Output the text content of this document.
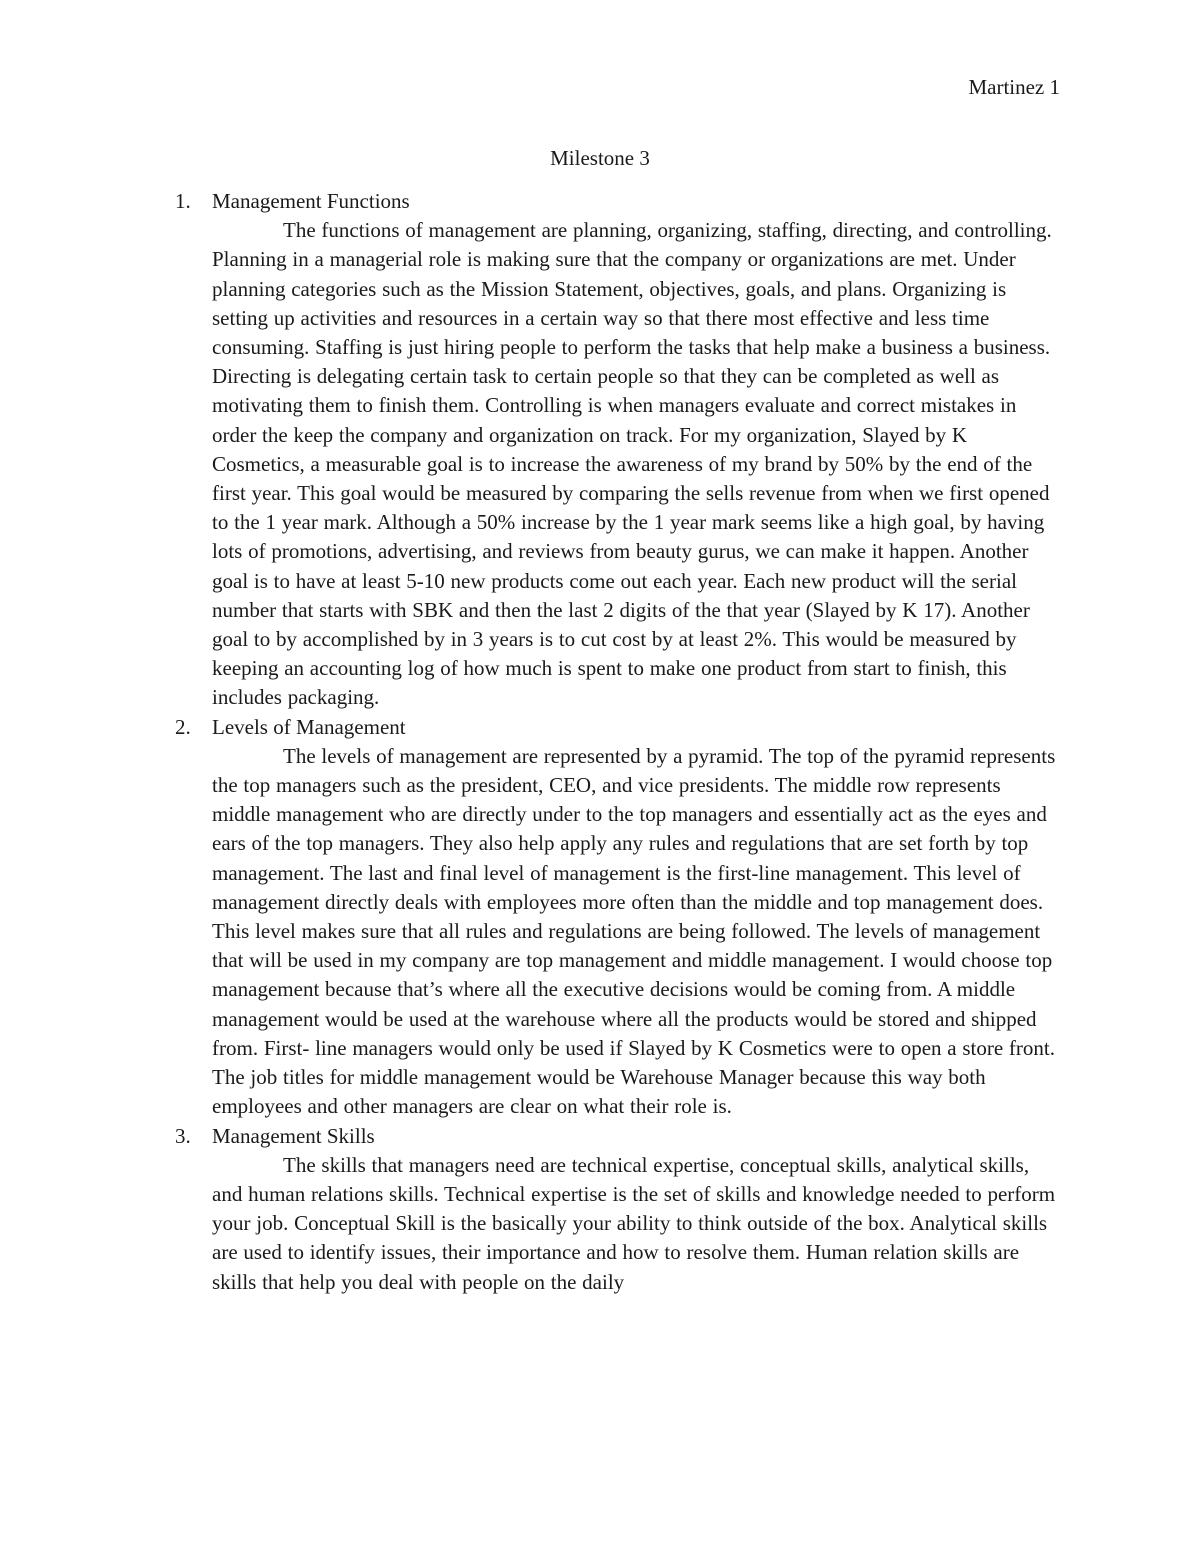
Martinez 1
Milestone 3
1. Management Functions

The functions of management are planning, organizing, staffing, directing, and controlling. Planning in a managerial role is making sure that the company or organizations are met. Under planning categories such as the Mission Statement, objectives, goals, and plans. Organizing is setting up activities and resources in a certain way so that there most effective and less time consuming. Staffing is just hiring people to perform the tasks that help make a business a business. Directing is delegating certain task to certain people so that they can be completed as well as motivating them to finish them. Controlling is when managers evaluate and correct mistakes in order the keep the company and organization on track. For my organization, Slayed by K Cosmetics, a measurable goal is to increase the awareness of my brand by 50% by the end of the first year. This goal would be measured by comparing the sells revenue from when we first opened to the 1 year mark. Although a 50% increase by the 1 year mark seems like a high goal, by having lots of promotions, advertising, and reviews from beauty gurus, we can make it happen. Another goal is to have at least 5-10 new products come out each year. Each new product will the serial number that starts with SBK and then the last 2 digits of the that year (Slayed by K 17). Another goal to by accomplished by in 3 years is to cut cost by at least 2%. This would be measured by keeping an accounting log of how much is spent to make one product from start to finish, this includes packaging.

2. Levels of Management

The levels of management are represented by a pyramid. The top of the pyramid represents the top managers such as the president, CEO, and vice presidents. The middle row represents middle management who are directly under to the top managers and essentially act as the eyes and ears of the top managers. They also help apply any rules and regulations that are set forth by top management. The last and final level of management is the first-line management. This level of management directly deals with employees more often than the middle and top management does. This level makes sure that all rules and regulations are being followed. The levels of management that will be used in my company are top management and middle management. I would choose top management because that’s where all the executive decisions would be coming from. A middle management would be used at the warehouse where all the products would be stored and shipped from. First- line managers would only be used if Slayed by K Cosmetics were to open a store front. The job titles for middle management would be Warehouse Manager because this way both employees and other managers are clear on what their role is.

3. Management Skills

The skills that managers need are technical expertise, conceptual skills, analytical skills, and human relations skills. Technical expertise is the set of skills and knowledge needed to perform your job. Conceptual Skill is the basically your ability to think outside of the box. Analytical skills are used to identify issues, their importance and how to resolve them. Human relation skills are skills that help you deal with people on the daily
